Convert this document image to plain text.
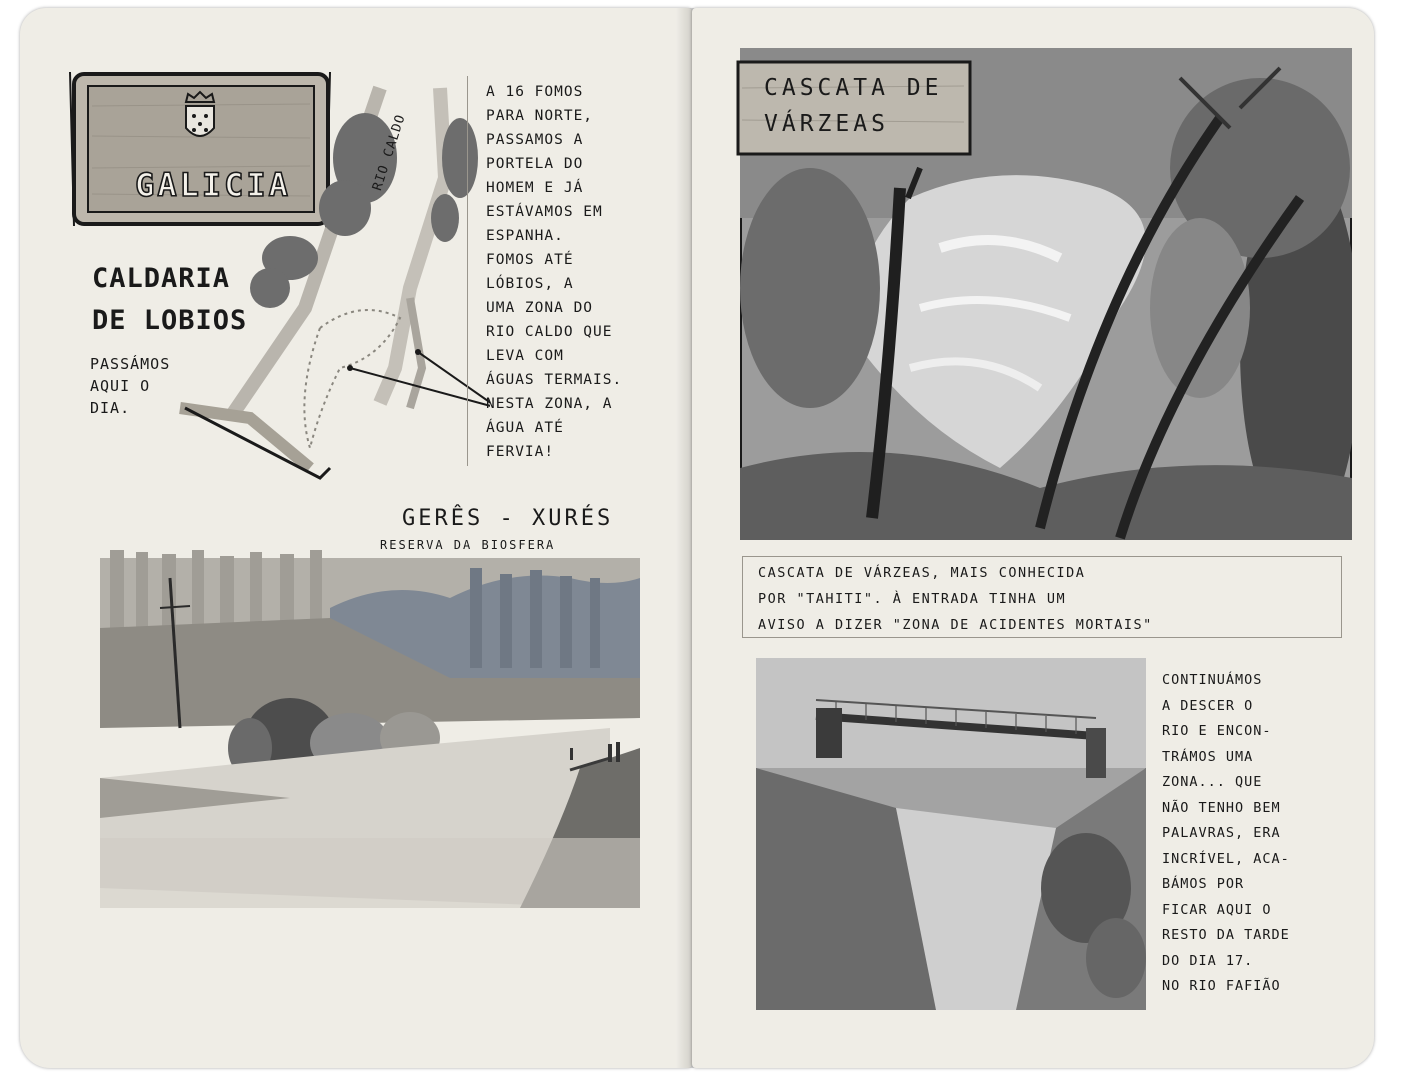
GALICIA	RIO CALDO
CALDARIA
DE LOBIOS
PASSÁMOS
AQUI O
DIA.
A 16 FOMOS
PARA NORTE,
PASSAMOS A
PORTELA DO
HOMEM E JÁ
ESTÁVAMOS EM
ESPANHA.
FOMOS ATÉ
LÓBIOS, A
UMA ZONA DO
RIO CALDO QUE
LEVA COM
ÁGUAS TERMAIS.
NESTA ZONA, A
ÁGUA ATÉ
FERVIA!
GERÊS - XURÉS
RESERVA DA BIOSFERA
CASCATA DE
VÁRZEAS
CASCATA DE VÁRZEAS, MAIS CONHECIDA
POR "TAHITI". À ENTRADA TINHA UM
AVISO A DIZER "ZONA DE ACIDENTES MORTAIS"
CONTINUÁMOS
A DESCER O
RIO E ENCON-
TRÁMOS UMA
ZONA... QUE
NÃO TENHO BEM
PALAVRAS, ERA
INCRÍVEL, ACA-
BÁMOS POR
FICAR AQUI O
RESTO DA TARDE
DO DIA 17.
NO RIO FAFIÃO
